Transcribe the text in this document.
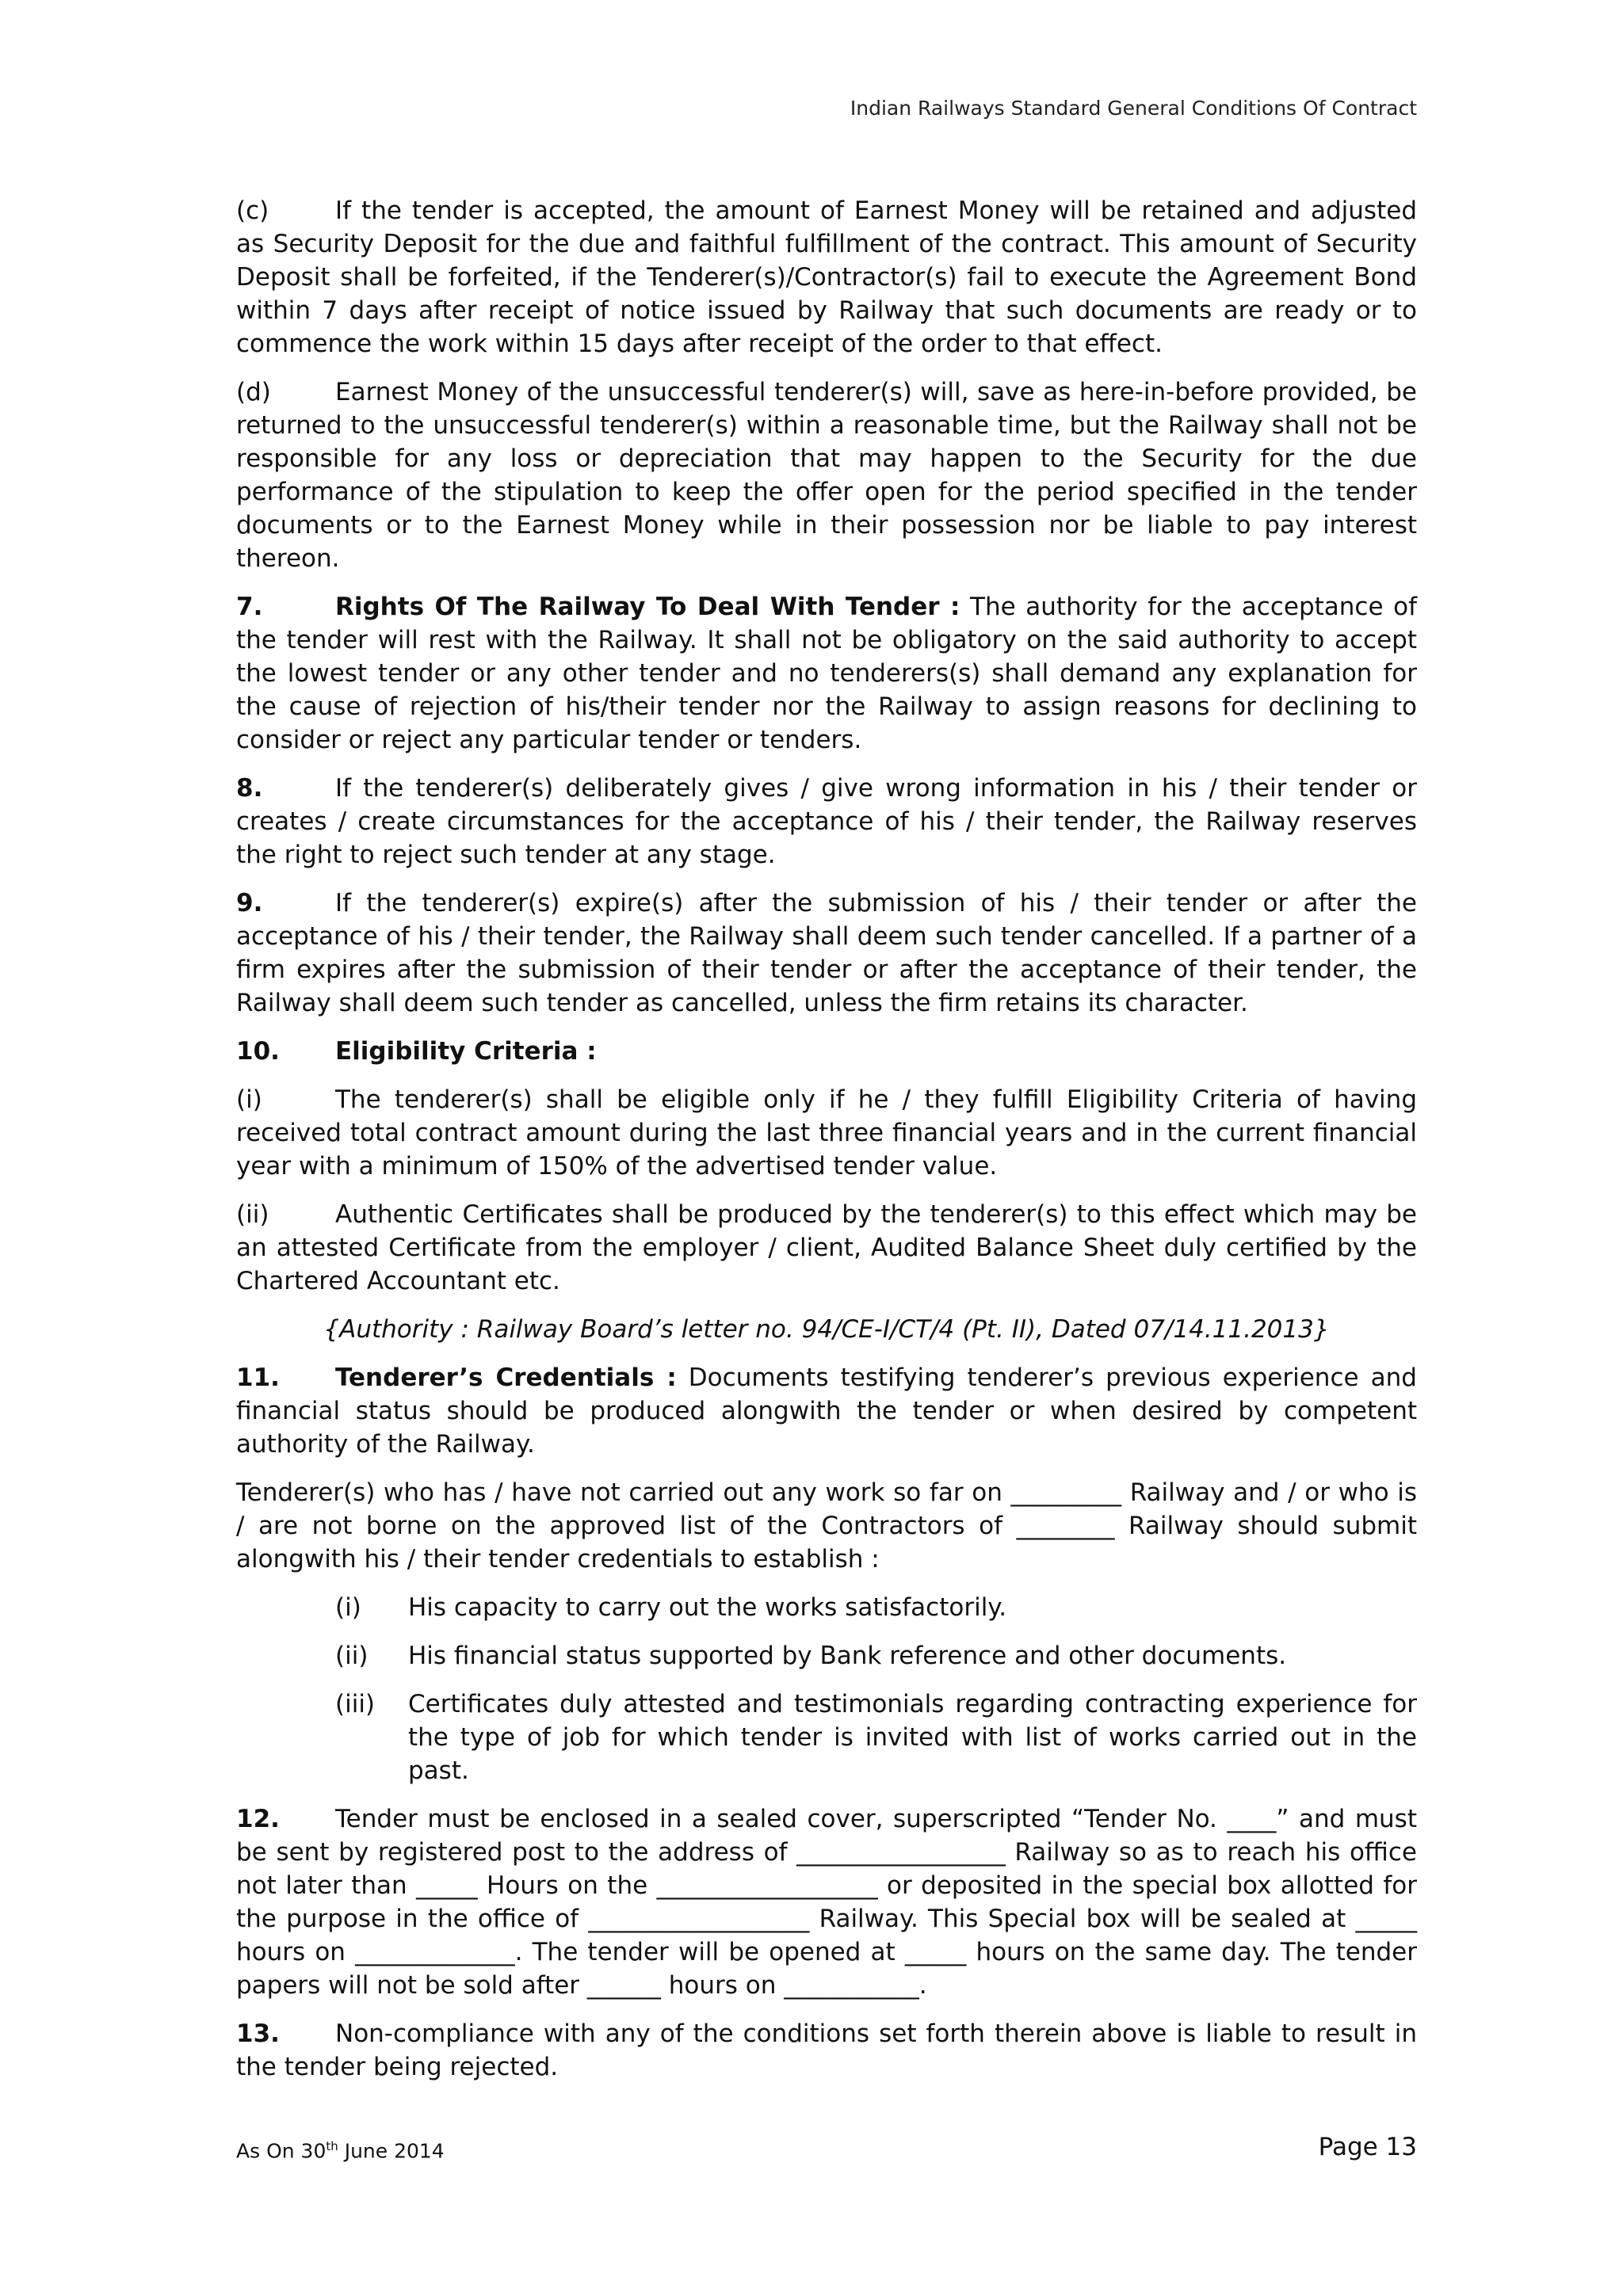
Indian Railways Standard General Conditions Of Contract

(c)	If the tender is accepted, the amount of Earnest Money will be retained and adjusted as Security Deposit for the due and faithful fulfillment of the contract. This amount of Security Deposit shall be forfeited, if the Tenderer(s)/Contractor(s) fail to execute the Agreement Bond within 7 days after receipt of notice issued by Railway that such documents are ready or to commence the work within 15 days after receipt of the order to that effect.

(d)	Earnest Money of the unsuccessful tenderer(s) will, save as here-in-before provided, be returned to the unsuccessful tenderer(s) within a reasonable time, but the Railway shall not be responsible for any loss or depreciation that may happen to the Security for the due performance of the stipulation to keep the offer open for the period specified in the tender documents or to the Earnest Money while in their possession nor be liable to pay interest thereon.

7.	Rights Of The Railway To Deal With Tender : The authority for the acceptance of the tender will rest with the Railway. It shall not be obligatory on the said authority to accept the lowest tender or any other tender and no tenderers(s) shall demand any explanation for the cause of rejection of his/their tender nor the Railway to assign reasons for declining to consider or reject any particular tender or tenders.

8.	If the tenderer(s) deliberately gives / give wrong information in his / their tender or creates / create circumstances for the acceptance of his / their tender, the Railway reserves the right to reject such tender at any stage.

9.	If the tenderer(s) expire(s) after the submission of his / their tender or after the acceptance of his / their tender, the Railway shall deem such tender cancelled. If a partner of a firm expires after the submission of their tender or after the acceptance of their tender, the Railway shall deem such tender as cancelled, unless the firm retains its character.

10. Eligibility Criteria :

(i)	The tenderer(s) shall be eligible only if he / they fulfill Eligibility Criteria of having received total contract amount during the last three financial years and in the current financial year with a minimum of 150% of the advertised tender value.

(ii)	Authentic Certificates shall be produced by the tenderer(s) to this effect which may be an attested Certificate from the employer / client, Audited Balance Sheet duly certified by the Chartered Accountant etc.

{Authority : Railway Board’s letter no. 94/CE-I/CT/4 (Pt. II), Dated 07/14.11.2013}

11. Tenderer’s Credentials : Documents testifying tenderer’s previous experience and financial status should be produced alongwith the tender or when desired by competent authority of the Railway.

Tenderer(s) who has / have not carried out any work so far on _________ Railway and / or who is / are not borne on the approved list of the Contractors of ________ Railway should submit alongwith his / their tender credentials to establish :

(i)	His capacity to carry out the works satisfactorily.
(ii)	His financial status supported by Bank reference and other documents.
(iii)	Certificates duly attested and testimonials regarding contracting experience for the type of job for which tender is invited with list of works carried out in the past.

12. Tender must be enclosed in a sealed cover, superscripted “Tender No. ____” and must be sent by registered post to the address of _________________ Railway so as to reach his office not later than _____ Hours on the __________________ or deposited in the special box allotted for the purpose in the office of __________________ Railway. This Special box will be sealed at _____ hours on _____________. The tender will be opened at _____ hours on the same day. The tender papers will not be sold after ______ hours on ___________.

13. Non-compliance with any of the conditions set forth therein above is liable to result in the tender being rejected.

As On 30th June 2014	Page 13
